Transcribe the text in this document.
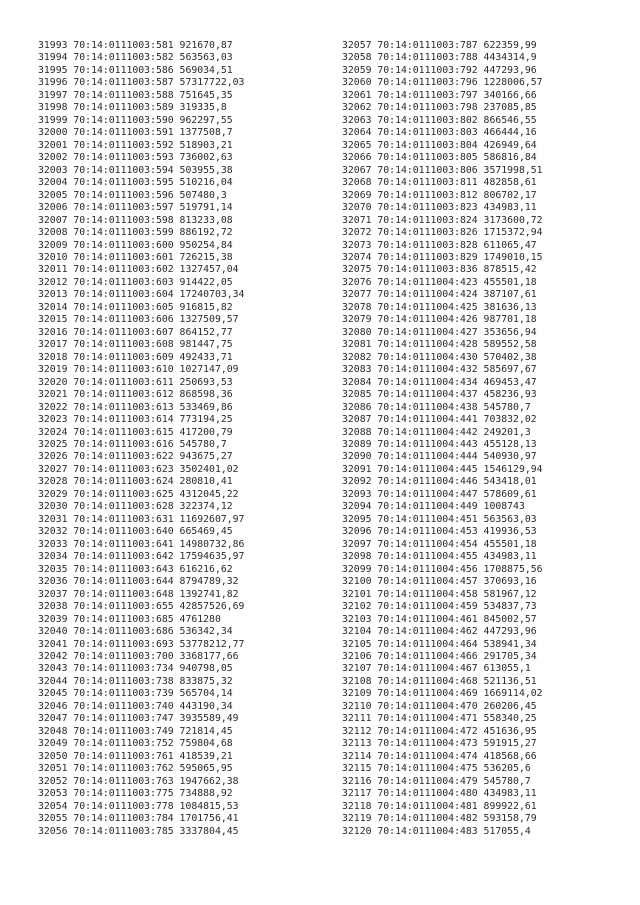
31993 70:14:0111003:581 921670,87
31994 70:14:0111003:582 563563,03
31995 70:14:0111003:586 569034,51
31996 70:14:0111003:587 57317722,03
31997 70:14:0111003:588 751645,35
31998 70:14:0111003:589 319335,8
31999 70:14:0111003:590 962297,55
32000 70:14:0111003:591 1377508,7
32001 70:14:0111003:592 518903,21
32002 70:14:0111003:593 736002,63
32003 70:14:0111003:594 503955,38
32004 70:14:0111003:595 510216,04
32005 70:14:0111003:596 507480,3
32006 70:14:0111003:597 519791,14
32007 70:14:0111003:598 813233,08
32008 70:14:0111003:599 886192,72
32009 70:14:0111003:600 950254,84
32010 70:14:0111003:601 726215,38
32011 70:14:0111003:602 1327457,04
32012 70:14:0111003:603 914422,05
32013 70:14:0111003:604 17240703,34
32014 70:14:0111003:605 916815,82
32015 70:14:0111003:606 1327509,57
32016 70:14:0111003:607 864152,77
32017 70:14:0111003:608 981447,75
32018 70:14:0111003:609 492433,71
32019 70:14:0111003:610 1027147,09
32020 70:14:0111003:611 250693,53
32021 70:14:0111003:612 868598,36
32022 70:14:0111003:613 533469,86
32023 70:14:0111003:614 773194,25
32024 70:14:0111003:615 417200,79
32025 70:14:0111003:616 545780,7
32026 70:14:0111003:622 943675,27
32027 70:14:0111003:623 3502401,02
32028 70:14:0111003:624 280810,41
32029 70:14:0111003:625 4312045,22
32030 70:14:0111003:628 322374,12
32031 70:14:0111003:631 11692607,97
32032 70:14:0111003:640 665469,45
32033 70:14:0111003:641 14980732,86
32034 70:14:0111003:642 17594635,97
32035 70:14:0111003:643 616216,62
32036 70:14:0111003:644 8794789,32
32037 70:14:0111003:648 1392741,82
32038 70:14:0111003:655 42857526,69
32039 70:14:0111003:685 4761280
32040 70:14:0111003:686 536342,34
32041 70:14:0111003:693 53778212,77
32042 70:14:0111003:700 3368177,66
32043 70:14:0111003:734 940798,05
32044 70:14:0111003:738 833875,32
32045 70:14:0111003:739 565704,14
32046 70:14:0111003:740 443190,34
32047 70:14:0111003:747 3935589,49
32048 70:14:0111003:749 721814,45
32049 70:14:0111003:752 759804,68
32050 70:14:0111003:761 418539,21
32051 70:14:0111003:762 595065,95
32052 70:14:0111003:763 1947662,38
32053 70:14:0111003:775 734888,92
32054 70:14:0111003:778 1084815,53
32055 70:14:0111003:784 1701756,41
32056 70:14:0111003:785 3337804,45
32057 70:14:0111003:787 622359,99
32058 70:14:0111003:788 4434314,9
32059 70:14:0111003:792 447293,96
32060 70:14:0111003:796 1228006,57
32061 70:14:0111003:797 340166,66
32062 70:14:0111003:798 237085,85
32063 70:14:0111003:802 866546,55
32064 70:14:0111003:803 466444,16
32065 70:14:0111003:804 426949,64
32066 70:14:0111003:805 586816,84
32067 70:14:0111003:806 3571998,51
32068 70:14:0111003:811 482858,61
32069 70:14:0111003:812 806702,17
32070 70:14:0111003:823 434983,11
32071 70:14:0111003:824 3173600,72
32072 70:14:0111003:826 1715372,94
32073 70:14:0111003:828 611065,47
32074 70:14:0111003:829 1749010,15
32075 70:14:0111003:836 878515,42
32076 70:14:0111004:423 455501,18
32077 70:14:0111004:424 387107,61
32078 70:14:0111004:425 381636,13
32079 70:14:0111004:426 987701,18
32080 70:14:0111004:427 353656,94
32081 70:14:0111004:428 589552,58
32082 70:14:0111004:430 570402,38
32083 70:14:0111004:432 585697,67
32084 70:14:0111004:434 469453,47
32085 70:14:0111004:437 458236,93
32086 70:14:0111004:438 545780,7
32087 70:14:0111004:441 703832,02
32088 70:14:0111004:442 249201,3
32089 70:14:0111004:443 455128,13
32090 70:14:0111004:444 540930,97
32091 70:14:0111004:445 1546129,94
32092 70:14:0111004:446 543418,01
32093 70:14:0111004:447 578609,61
32094 70:14:0111004:449 1008743
32095 70:14:0111004:451 563563,03
32096 70:14:0111004:453 419936,53
32097 70:14:0111004:454 455501,18
32098 70:14:0111004:455 434983,11
32099 70:14:0111004:456 1708875,56
32100 70:14:0111004:457 370693,16
32101 70:14:0111004:458 581967,12
32102 70:14:0111004:459 534837,73
32103 70:14:0111004:461 845002,57
32104 70:14:0111004:462 447293,96
32105 70:14:0111004:464 538941,34
32106 70:14:0111004:466 291705,34
32107 70:14:0111004:467 613055,1
32108 70:14:0111004:468 521136,51
32109 70:14:0111004:469 1669114,02
32110 70:14:0111004:470 260206,45
32111 70:14:0111004:471 558340,25
32112 70:14:0111004:472 451636,95
32113 70:14:0111004:473 591915,27
32114 70:14:0111004:474 418568,66
32115 70:14:0111004:475 536205,6
32116 70:14:0111004:479 545780,7
32117 70:14:0111004:480 434983,11
32118 70:14:0111004:481 899922,61
32119 70:14:0111004:482 593158,79
32120 70:14:0111004:483 517055,4
